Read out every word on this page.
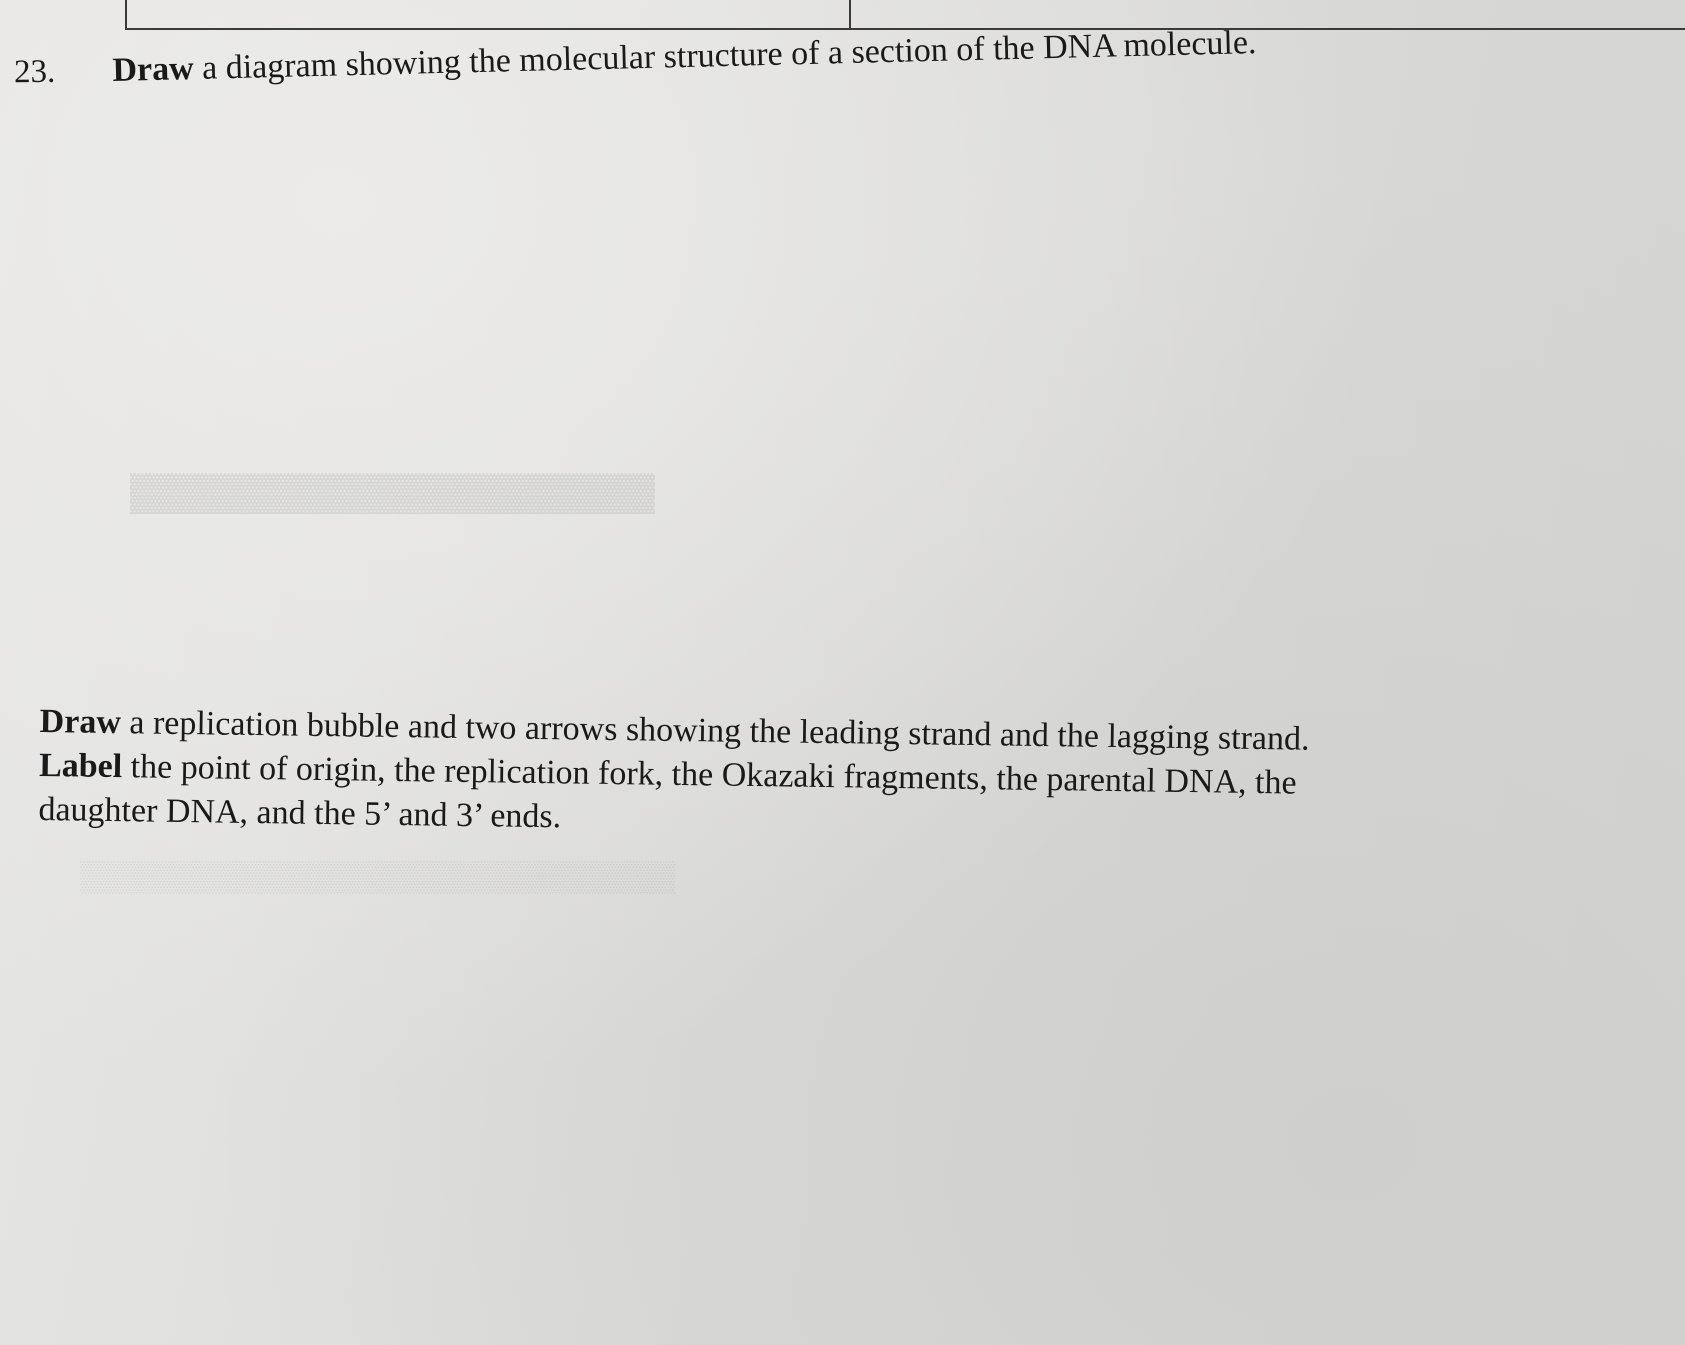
▓▓▓▓▓▓▓▓▓▓▓▓▓▓▓▓▓▓▓▓
▒▒▒▒▒▒▒▒▒▒▒▒▒▒▒▒▒▒▒▒▒▒▒▒▒▒▒▒
23. Draw a diagram showing the molecular structure of a section of the DNA molecule.
Draw a replication bubble and two arrows showing the leading strand and the lagging strand.
Label the point of origin, the replication fork, the Okazaki fragments, the parental DNA, the
daughter DNA, and the 5’ and 3’ ends.
